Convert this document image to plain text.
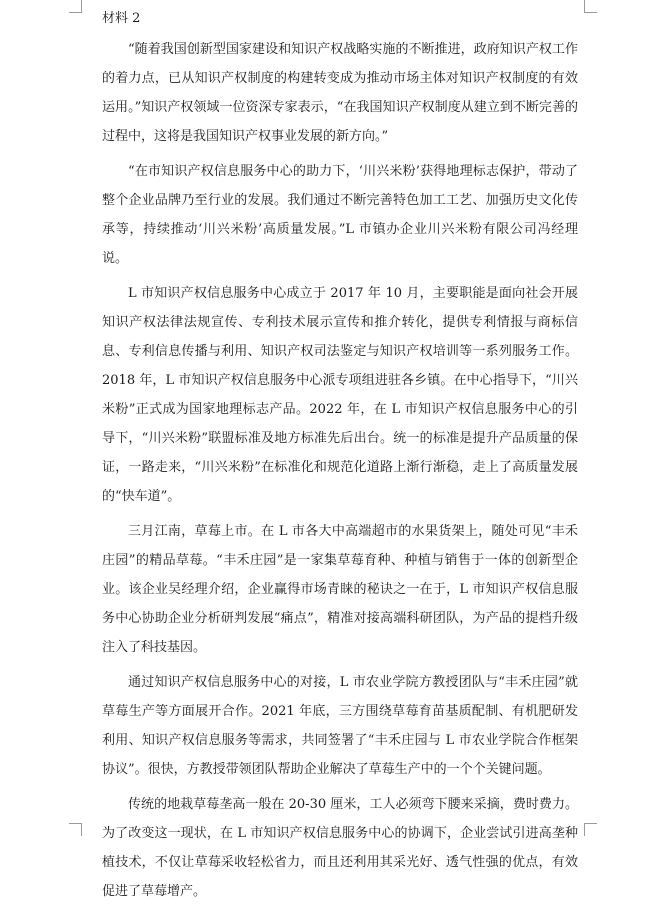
材料 2

“随着我国创新型国家建设和知识产权战略实施的不断推进，政府知识产权工作的着力点，已从知识产权制度的构建转变成为推动市场主体对知识产权制度的有效运用。”知识产权领域一位资深专家表示，“在我国知识产权制度从建立到不断完善的过程中，这将是我国知识产权事业发展的新方向。”

“在市知识产权信息服务中心的助力下，‘川兴米粉’获得地理标志保护，带动了整个企业品牌乃至行业的发展。我们通过不断完善特色加工工艺、加强历史文化传承等，持续推动‘川兴米粉’高质量发展。”L 市镇办企业川兴米粉有限公司冯经理说。

L 市知识产权信息服务中心成立于 2017 年 10 月，主要职能是面向社会开展知识产权法律法规宣传、专利技术展示宣传和推介转化，提供专利情报与商标信息、专利信息传播与利用、知识产权司法鉴定与知识产权培训等一系列服务工作。2018 年，L 市知识产权信息服务中心派专项组进驻各乡镇。在中心指导下，“川兴米粉”正式成为国家地理标志产品。2022 年，在 L 市知识产权信息服务中心的引导下，“川兴米粉”联盟标准及地方标准先后出台。统一的标准是提升产品质量的保证，一路走来，“川兴米粉”在标准化和规范化道路上渐行渐稳，走上了高质量发展的“快车道”。

三月江南，草莓上市。在 L 市各大中高端超市的水果货架上，随处可见“丰禾庄园”的精品草莓。“丰禾庄园”是一家集草莓育种、种植与销售于一体的创新型企业。该企业吴经理介绍，企业赢得市场青睐的秘诀之一在于，L 市知识产权信息服务中心协助企业分析研判发展“痛点”，精准对接高端科研团队，为产品的提档升级注入了科技基因。

通过知识产权信息服务中心的对接，L 市农业学院方教授团队与“丰禾庄园”就草莓生产等方面展开合作。2021 年底，三方围绕草莓育苗基质配制、有机肥研发利用、知识产权信息服务等需求，共同签署了“丰禾庄园与 L 市农业学院合作框架协议”。很快，方教授带领团队帮助企业解决了草莓生产中的一个个关键问题。

传统的地栽草莓垄高一般在 20-30 厘米，工人必须弯下腰来采摘，费时费力。为了改变这一现状，在 L 市知识产权信息服务中心的协调下，企业尝试引进高垄种植技术，不仅让草莓采收轻松省力，而且还利用其采光好、透气性强的优点，有效促进了草莓增产。
